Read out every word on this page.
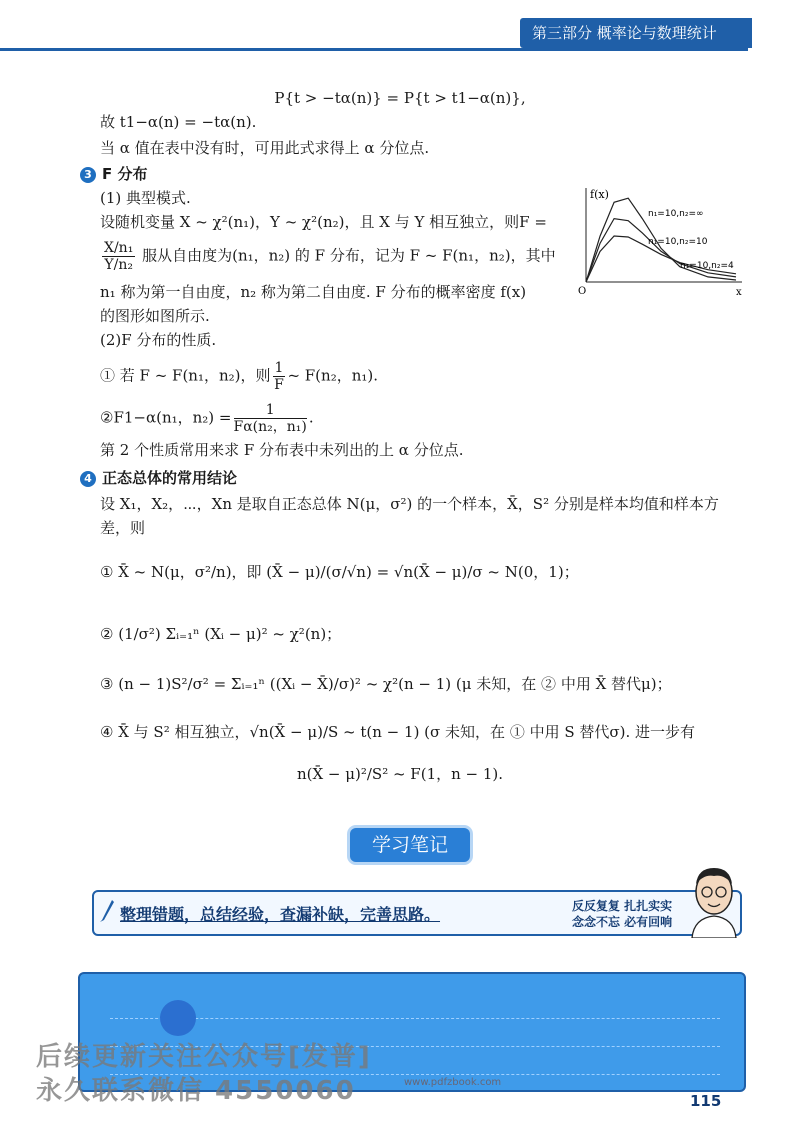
第三部分 概率论与数理统计
P{t > −tα(n)} = P{t > t1−α(n)},
故 t1−α(n) = −tα(n).
当 α 值在表中没有时，可用此式求得上 α 分位点.
3 F 分布
(1) 典型模式.
设随机变量 X ~ χ²(n₁)，Y ~ χ²(n₂)，且 X 与 Y 相互独立，则F =
$\frac{\text{X/n₁}}{\text{Y/n₂}}$ 服从自由度为(n₁，n₂) 的 F 分布，记为 F ~ F(n₁，n₂)，其中
n₁ 称为第一自由度，n₂ 称为第二自由度. F 分布的概率密度 f(x)
的图形如图所示.
(2)F 分布的性质.
① 若 F ~ F(n₁，n₂)，则 $\frac{1}{F}$ ~ F(n₂，n₁).
②F1−α(n₁，$n_2) = \frac{1}{\text{Fα(n₂，n₁)}}$ .
第 2 个性质常用来求 F 分布表中未列出的上 α 分位点.
f(x)
x
O
n₁=10,n₂=∞
n₁=10,n₂=10
n₁=10,n₂=4
4 正态总体的常用结论
设 X₁，X₂，⋯，Xn 是取自正态总体 N(μ，σ²) 的一个样本，X̄，S² 分别是样本均值和样本方
差，则
① X̄ ~ N(μ，σ²/n)，即 (X̄ − μ)/(σ/√n) = √n(X̄ − μ)/σ ~ N(0，1)；
② (1/σ²) Σᵢ₌₁ⁿ (Xᵢ − μ)² ~ χ²(n)；
③ (n − 1)S²/σ² = Σᵢ₌₁ⁿ ((Xᵢ − X̄)/σ)² ~ χ²(n − 1) (μ 未知，在 ② 中用 X̄ 替代μ)；
④ X̄ 与 S² 相互独立，√n(X̄ − μ)/S ~ t(n − 1) (σ 未知，在 ① 中用 S 替代σ). 进一步有
n(X̄ − μ)²/S² ~ F(1，n − 1).
学习笔记
整理错题，总结经验，查漏补缺，完善思路。	反反复复 扎扎实实
念念不忘 必有回响
后续更新关注公众号[发普]
永久联系微信 4550060	www.pdfzbook.com
115
